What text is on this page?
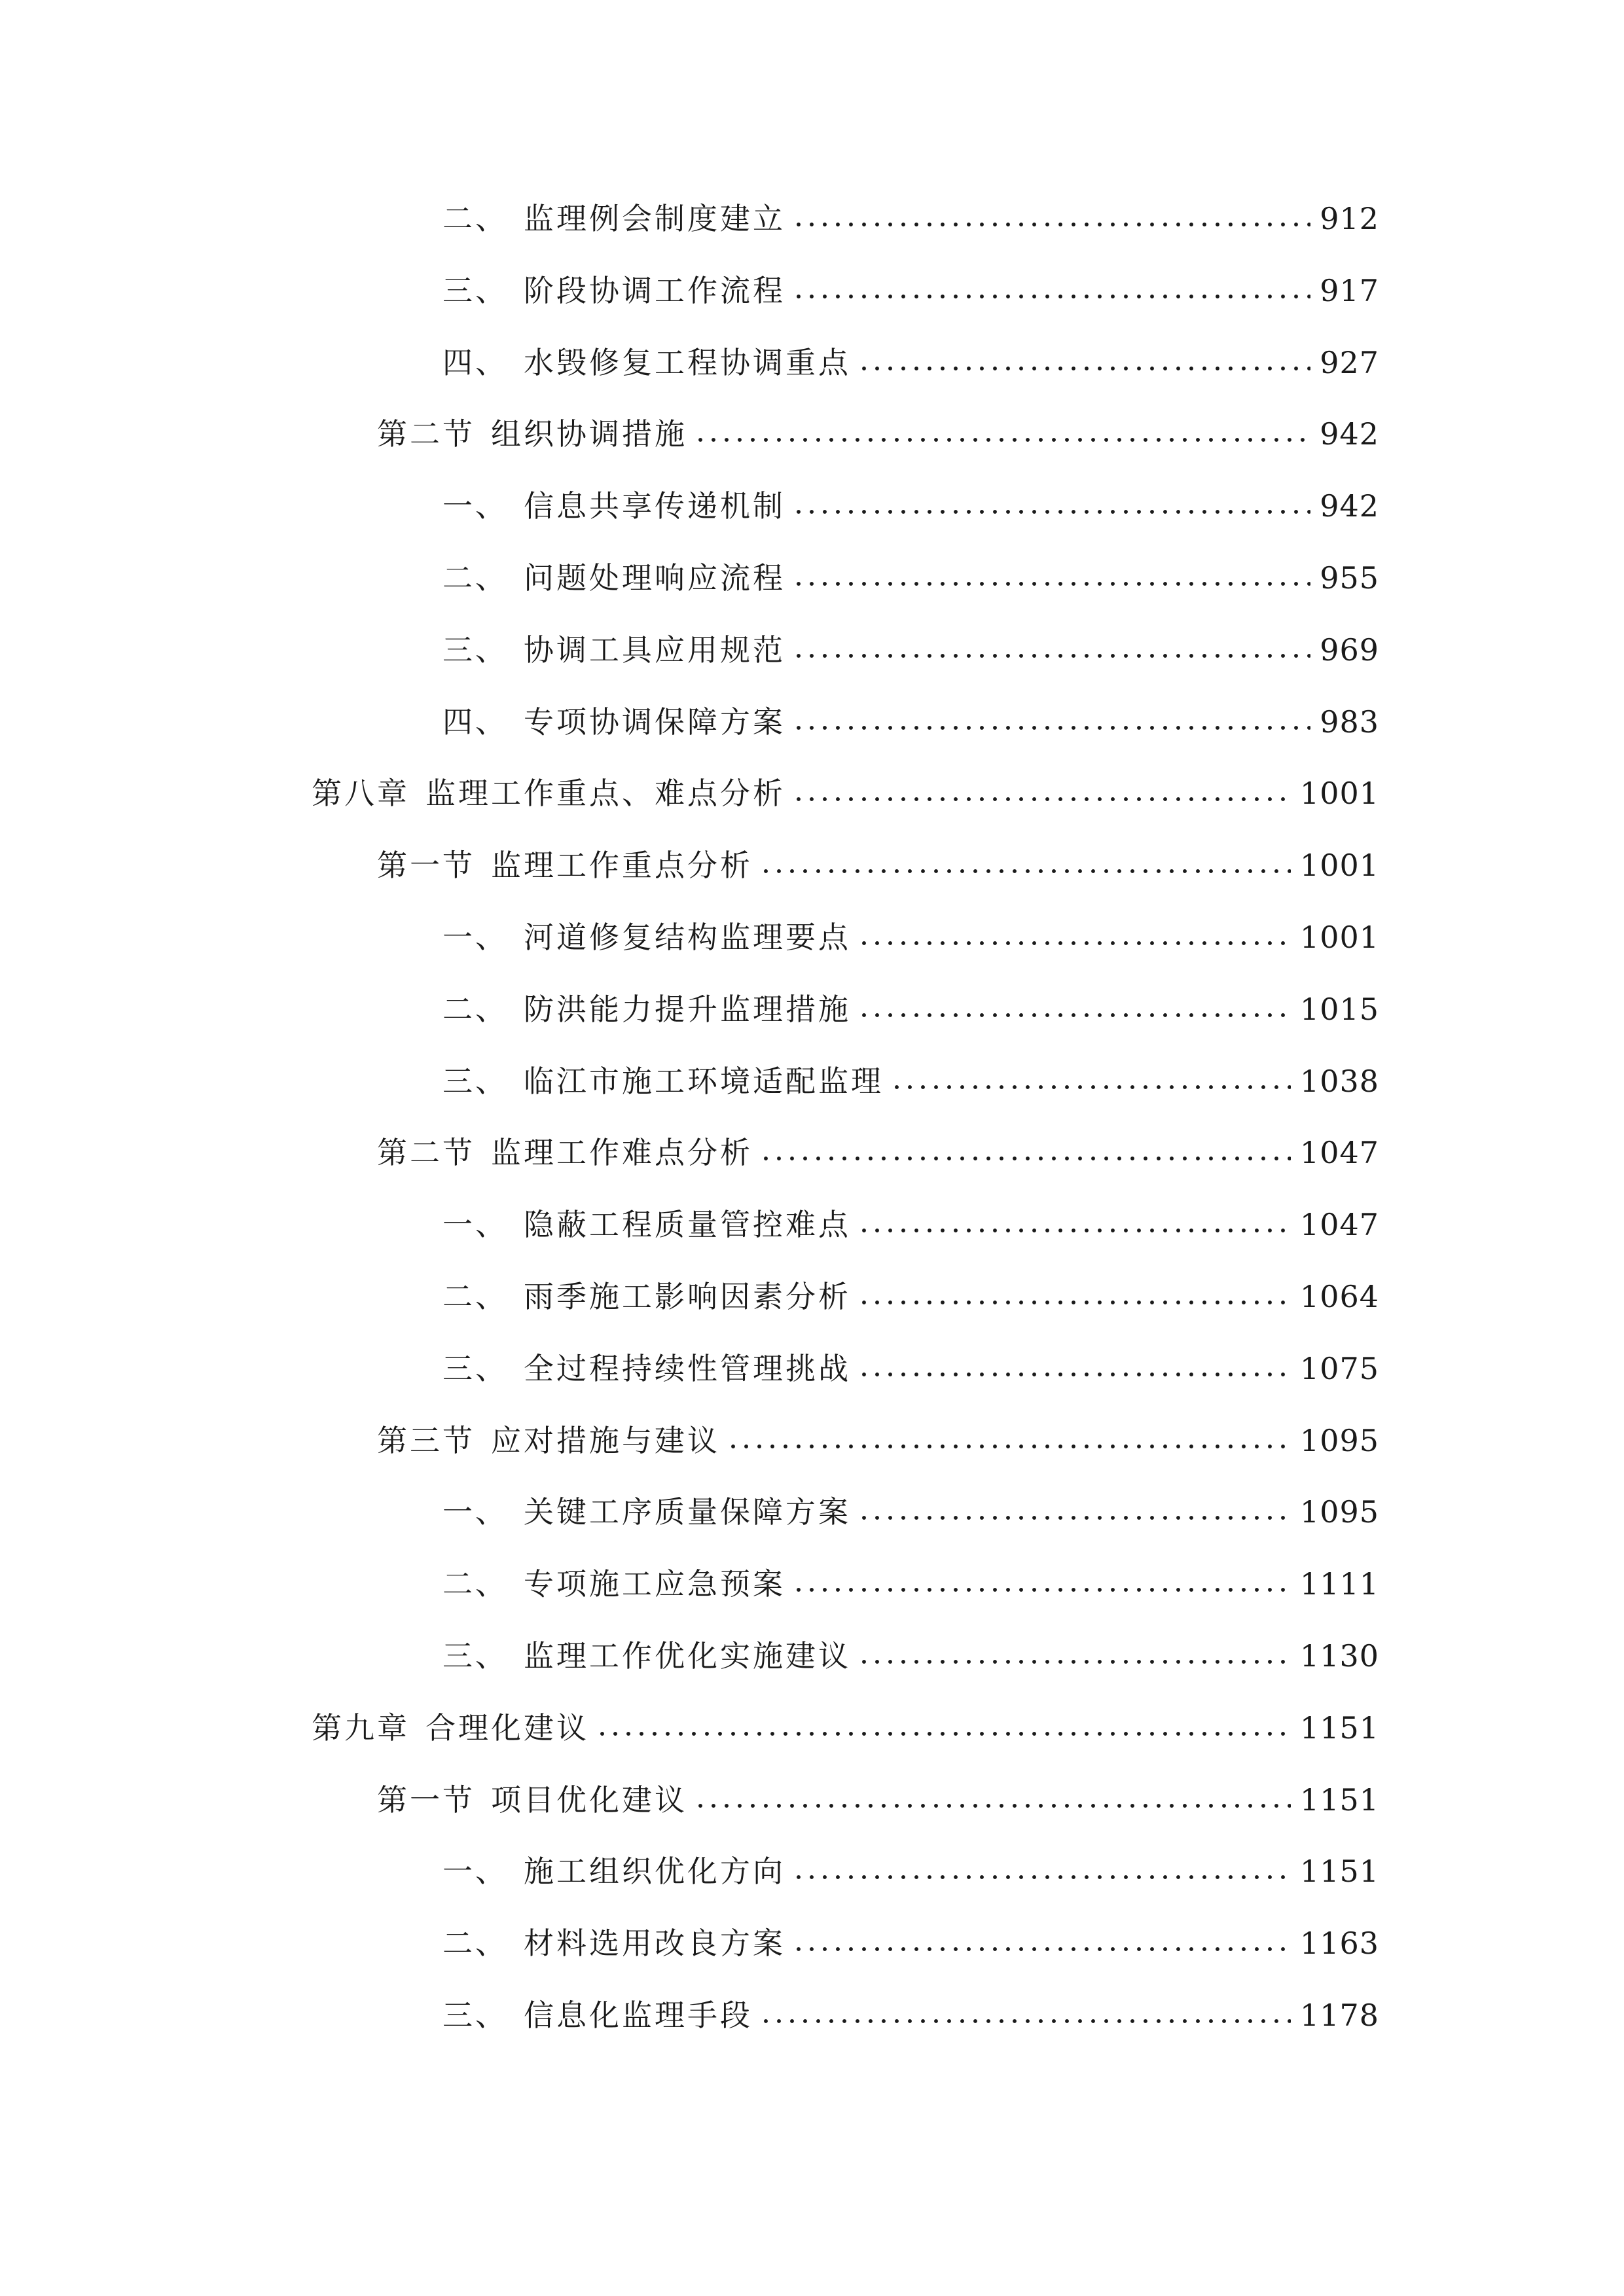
二、 监理例会制度建立	912
三、 阶段协调工作流程	917
四、 水毁修复工程协调重点	927
第二节 组织协调措施	942
一、 信息共享传递机制	942
二、 问题处理响应流程	955
三、 协调工具应用规范	969
四、 专项协调保障方案	983
第八章 监理工作重点、难点分析	1001
第一节 监理工作重点分析	1001
一、 河道修复结构监理要点	1001
二、 防洪能力提升监理措施	1015
三、 临江市施工环境适配监理	1038
第二节 监理工作难点分析	1047
一、 隐蔽工程质量管控难点	1047
二、 雨季施工影响因素分析	1064
三、 全过程持续性管理挑战	1075
第三节 应对措施与建议	1095
一、 关键工序质量保障方案	1095
二、 专项施工应急预案	1111
三、 监理工作优化实施建议	1130
第九章 合理化建议	1151
第一节 项目优化建议	1151
一、 施工组织优化方向	1151
二、 材料选用改良方案	1163
三、 信息化监理手段	1178
